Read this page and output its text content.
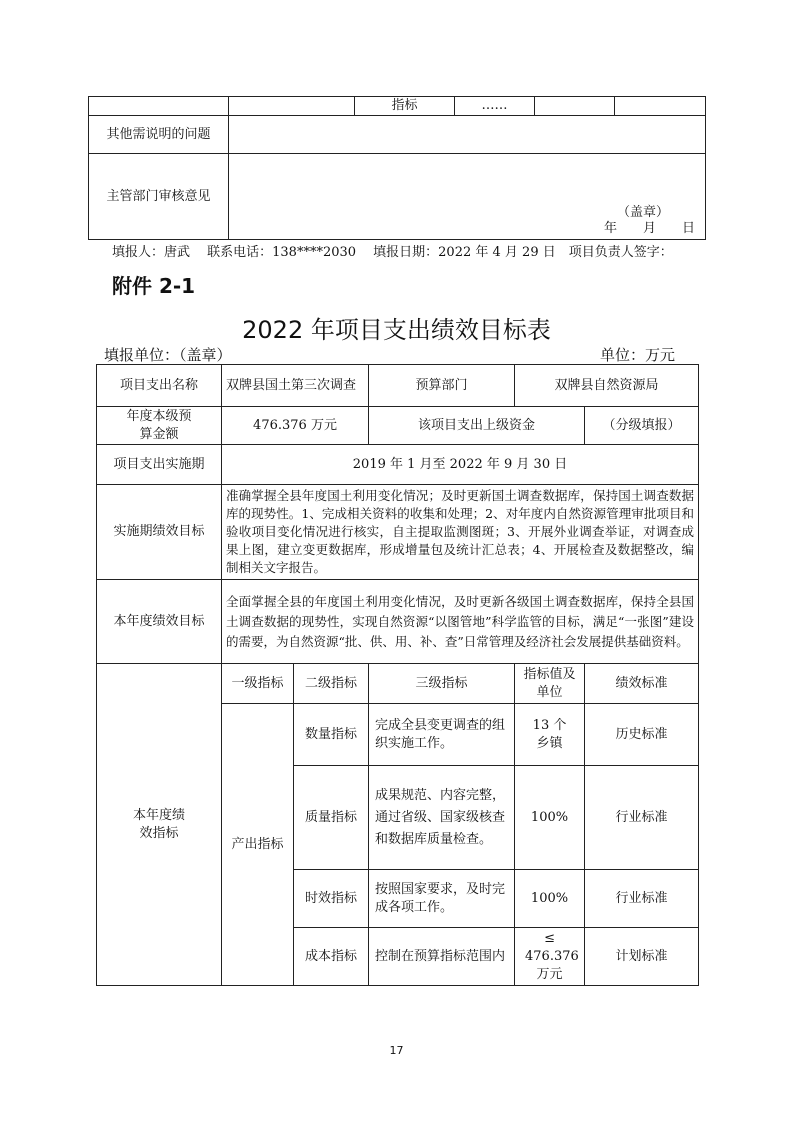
		指标	……		
其他需说明的问题					
主管部门审核意见	（盖章）
年　　月　　日				
填报人：唐武　 联系电话：138****2030　 填报日期：2022 年 4 月 29 日　项目负责人签字：
附件 2-1
2022 年项目支出绩效目标表
填报单位：（盖章）	单位：万元
项目支出名称	双牌县国土第三次调查		预算部门	双牌县自然资源局	
年度本级预算金额	476.376 万元		该项目支出上级资金		（分级填报）
项目支出实施期	2019 年 1 月至 2022 年 9 月 30 日				
实施期绩效目标	准确掌握全县年度国土利用变化情况；及时更新国土调查数据库，保持国土调查数据库的现势性。1、完成相关资料的收集和处理；2、对年度内自然资源管理审批项目和验收项目变化情况进行核实，自主提取监测图斑；3、开展外业调查举证，对调查成果上图，建立变更数据库，形成增量包及统计汇总表；4、开展检查及数据整改，编制相关文字报告。				
本年度绩效目标	全面掌握全县的年度国土利用变化情况，及时更新各级国土调查数据库，保持全县国土调查数据的现势性，实现自然资源“以图管地”科学监管的目标，满足“一张图”建设的需要，为自然资源“批、供、用、补、查”日常管理及经济社会发展提供基础资料。				
本年度绩效指标	一级指标	二级指标	三级指标	指标值及单位	绩效标准
	产出指标	数量指标	完成全县变更调查的组织实施工作。	13 个乡镇	历史标准
		质量指标	成果规范、内容完整，通过省级、国家级核查和数据库质量检查。	100%	行业标准
		时效指标	按照国家要求，及时完成各项工作。	100%	行业标准
		成本指标	控制在预算指标范围内	≤ 476.376 万元	计划标准
17
